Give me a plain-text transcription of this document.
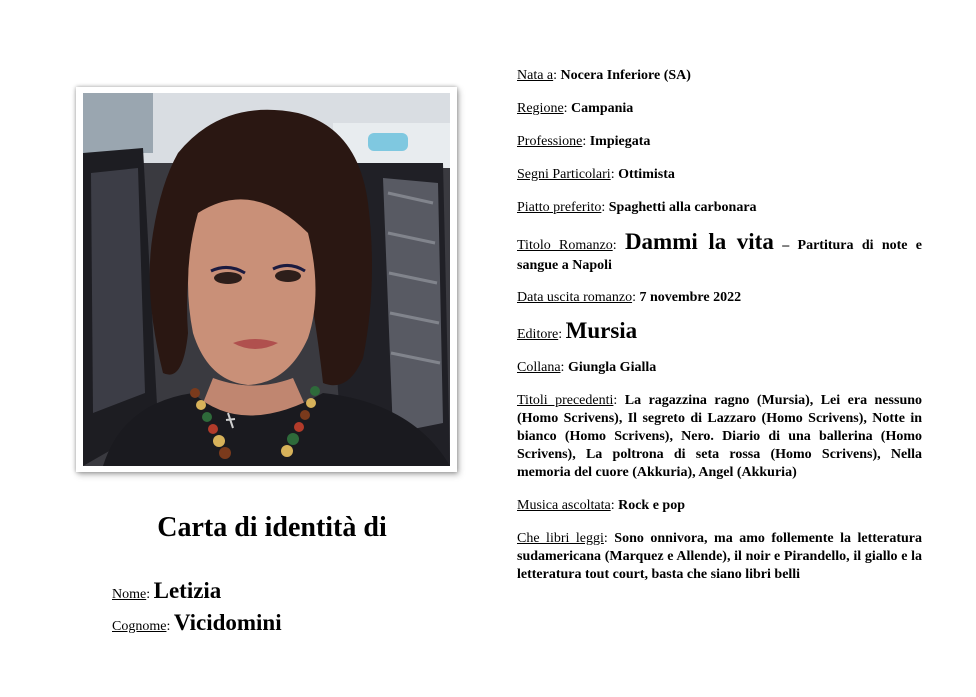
Carta di identità di
Nome: Letizia
Cognome: Vicidomini

Nata a: Nocera Inferiore (SA)

Regione: Campania

Professione: Impiegata

Segni Particolari: Ottimista

Piatto preferito: Spaghetti alla carbonara

Titolo Romanzo: Dammi la vita – Partitura di note e sangue a Napoli

Data uscita romanzo: 7 novembre 2022

Editore: Mursia

Collana: Giungla Gialla

Titoli precedenti: La ragazzina ragno (Mursia), Lei era nessuno (Homo Scrivens), Il segreto di Lazzaro (Homo Scrivens), Notte in bianco (Homo Scrivens), Nero. Diario di una ballerina (Homo Scrivens), La poltrona di seta rossa (Homo Scrivens), Nella memoria del cuore (Akkuria), Angel (Akkuria)

Musica ascoltata: Rock e pop

Che libri leggi: Sono onnivora, ma amo follemente la letteratura sudamericana (Marquez e Allende), il noir e Pirandello, il giallo e la letteratura tout court, basta che siano libri belli
